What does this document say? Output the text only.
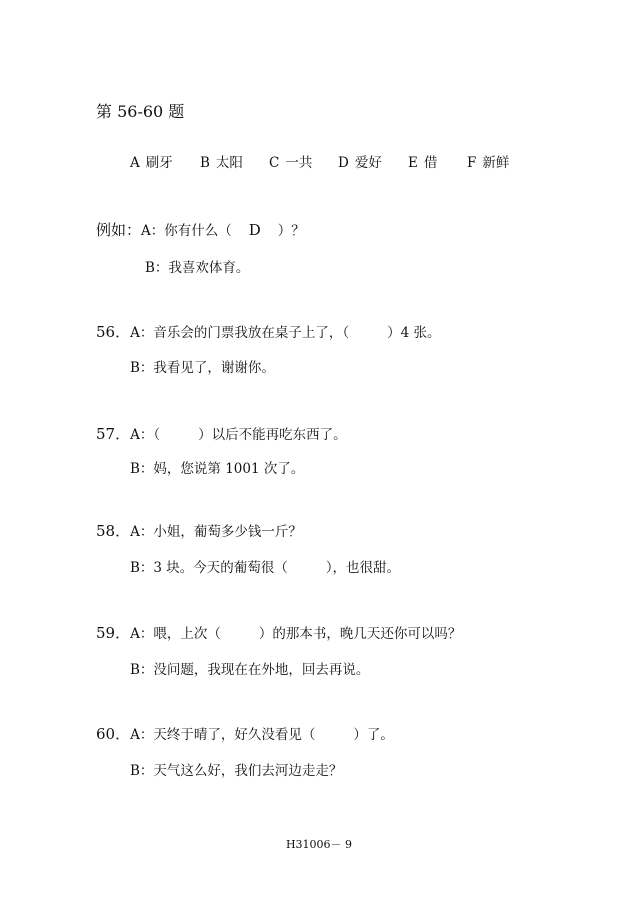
第 56-60 题
A 刷牙 B 太阳 C 一共 D 爱好 E 借 F 新鲜
例如：A：你有什么（ D ）？
B：我喜欢体育。
56．A：音乐会的门票我放在桌子上了，（	）4 张。
B：我看见了，谢谢你。
57．A：（	）以后不能再吃东西了。
B：妈，您说第 1001 次了。
58．A：小姐，葡萄多少钱一斤？
B：3 块。今天的葡萄很（	），也很甜。
59．A：喂，上次（	）的那本书，晚几天还你可以吗？
B：没问题，我现在在外地，回去再说。
60．A：天终于晴了，好久没看见（	）了。
B：天气这么好，我们去河边走走？
H31006－ 9
